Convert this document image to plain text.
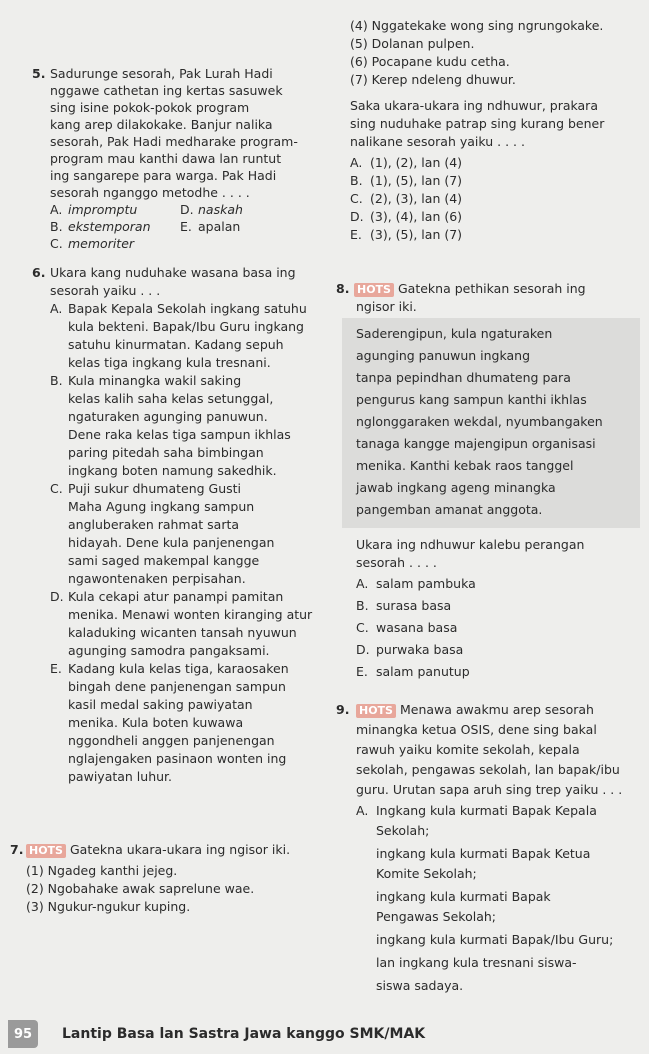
5. Sadurunge sesorah, Pak Lurah Hadi
nggawe cathetan ing kertas sasuwek
sing isine pokok-pokok program
kang arep dilakokake. Banjur nalika
sesorah, Pak Hadi medharake program-
program mau kanthi dawa lan runtut
ing sangarepe para warga. Pak Hadi
sesorah nganggo metodhe . . . .
A. impromptu	D. naskah
B. ekstemporan E. apalan
C. memoriter
6. Ukara kang nuduhake wasana basa ing
sesorah yaiku . . .
A. Bapak Kepala Sekolah ingkang satuhu
kula bekteni. Bapak/Ibu Guru ingkang
satuhu kinurmatan. Kadang sepuh
kelas tiga ingkang kula tresnani.
B. Kula minangka wakil saking
kelas kalih saha kelas setunggal,
ngaturaken agunging panuwun.
Dene raka kelas tiga sampun ikhlas
paring pitedah saha bimbingan
ingkang boten namung sakedhik.
C. Puji sukur dhumateng Gusti
Maha Agung ingkang sampun
angluberaken rahmat sarta
hidayah. Dene kula panjenengan
sami saged makempal kangge
ngawontenaken perpisahan.
D. Kula cekapi atur panampi pamitan
menika. Menawi wonten kiranging atur
kaladuking wicanten tansah nyuwun
agunging samodra pangaksami.
E. Kadang kula kelas tiga, karaosaken
bingah dene panjenengan sampun
kasil medal saking pawiyatan
menika. Kula boten kuwawa
nggondheli anggen panjenengan
nglajengaken pasinaon wonten ing
pawiyatan luhur.
7. HOTS Gatekna ukara-ukara ing ngisor iki.
(1) Ngadeg kanthi jejeg.
(2) Ngobahake awak saprelune wae.
(3) Ngukur-ngukur kuping.
(4) Nggatekake wong sing ngrungokake.
(5) Dolanan pulpen.
(6) Pocapane kudu cetha.
(7) Kerep ndeleng dhuwur.
Saka ukara-ukara ing ndhuwur, prakara
sing nuduhake patrap sing kurang bener
nalikane sesorah yaiku . . . .
A. (1), (2), lan (4)
B. (1), (5), lan (7)
C. (2), (3), lan (4)
D. (3), (4), lan (6)
E. (3), (5), lan (7)
8. HOTS Gatekna pethikan sesorah ing
ngisor iki.
Saderengipun, kula ngaturaken
agunging panuwun ingkang
tanpa pepindhan dhumateng para
pengurus kang sampun kanthi ikhlas
nglonggaraken wekdal, nyumbangaken
tanaga kangge majengipun organisasi
menika. Kanthi kebak raos tanggel
jawab ingkang ageng minangka
pangemban amanat anggota.
Ukara ing ndhuwur kalebu perangan
sesorah . . . .
A. salam pambuka
B. surasa basa
C. wasana basa
D. purwaka basa
E. salam panutup
9. HOTS Menawa awakmu arep sesorah
minangka ketua OSIS, dene sing bakal
rawuh yaiku komite sekolah, kepala
sekolah, pengawas sekolah, lan bapak/ibu
guru. Urutan sapa aruh sing trep yaiku . . .
A. Ingkang kula kurmati Bapak Kepala
Sekolah;
ingkang kula kurmati Bapak Ketua
Komite Sekolah;
ingkang kula kurmati Bapak
Pengawas Sekolah;
ingkang kula kurmati Bapak/Ibu Guru;
lan ingkang kula tresnani siswa-
siswa sadaya.
95	Lantip Basa lan Sastra Jawa kanggo SMK/MAK
